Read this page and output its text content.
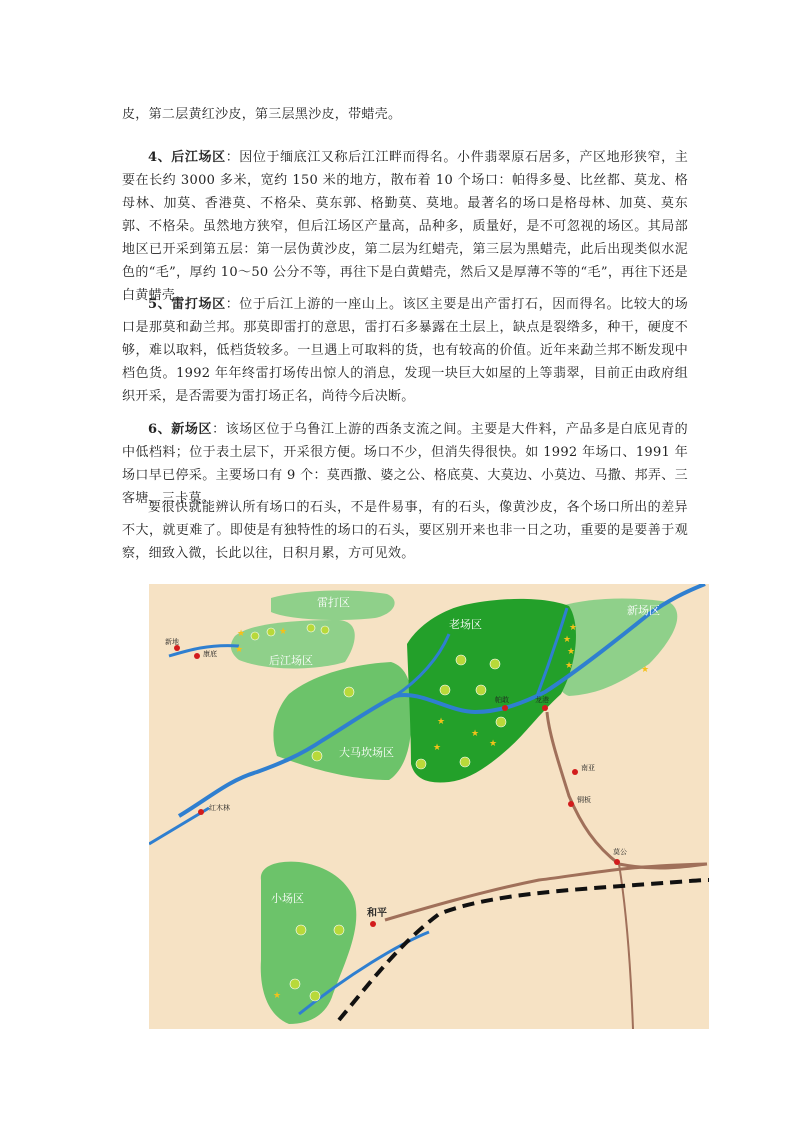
皮，第二层黄红沙皮，第三层黑沙皮，带蜡壳。

4、后江场区：因位于缅底江又称后江江畔而得名。小件翡翠原石居多，产区地形狭窄，主要在长约 3000 多米，宽约 150 米的地方，散布着 10 个场口：帕得多曼、比丝都、莫龙、格母林、加莫、香港莫、不格朵、莫东郭、格勤莫、莫地。最著名的场口是格母林、加莫、莫东郭、不格朵。虽然地方狭窄，但后江场区产量高，品种多，质量好，是不可忽视的场区。其局部地区已开采到第五层：第一层伪黄沙皮，第二层为红蜡壳，第三层为黑蜡壳，此后出现类似水泥色的“毛”，厚约 10～50 公分不等，再往下是白黄蜡壳，然后又是厚薄不等的“毛”，再往下还是白黄蜡壳。

5、雷打场区：位于后江上游的一座山上。该区主要是出产雷打石，因而得名。比较大的场口是那莫和勐兰邦。那莫即雷打的意思，雷打石多暴露在土层上，缺点是裂绺多，种干，硬度不够，难以取料，低档货较多。一旦遇上可取料的货，也有较高的价值。近年来勐兰邦不断发现中档色货。1992 年年终雷打场传出惊人的消息，发现一块巨大如屋的上等翡翠，目前正由政府组织开采，是否需要为雷打场正名，尚待今后决断。

6、新场区：该场区位于乌鲁江上游的西条支流之间。主要是大件料，产品多是白底见青的中低档料；位于表土层下，开采很方便。场口不少，但消失得很快。如 1992 年场口、1991 年场口早已停采。主要场口有 9 个：莫西撒、婆之公、格底莫、大莫边、小莫边、马撒、邦弄、三客塘、三卡莫。

要很快就能辨认所有场口的石头，不是件易事，有的石头，像黄沙皮，各个场口所出的差异不大，就更难了。即使是有独特性的场口的石头，要区别开来也非一日之功，重要的是要善于观察，细致入微，长此以往，日积月累，方可见效。

雷打区
后江场区
老场区
新场区
大马坎场区
小场区
新地
康底
红木林
龙港
帕敢
南亚
铜板
莫公
和平
★	★
★
★
★
★
★
★
★
★
★	★
★
